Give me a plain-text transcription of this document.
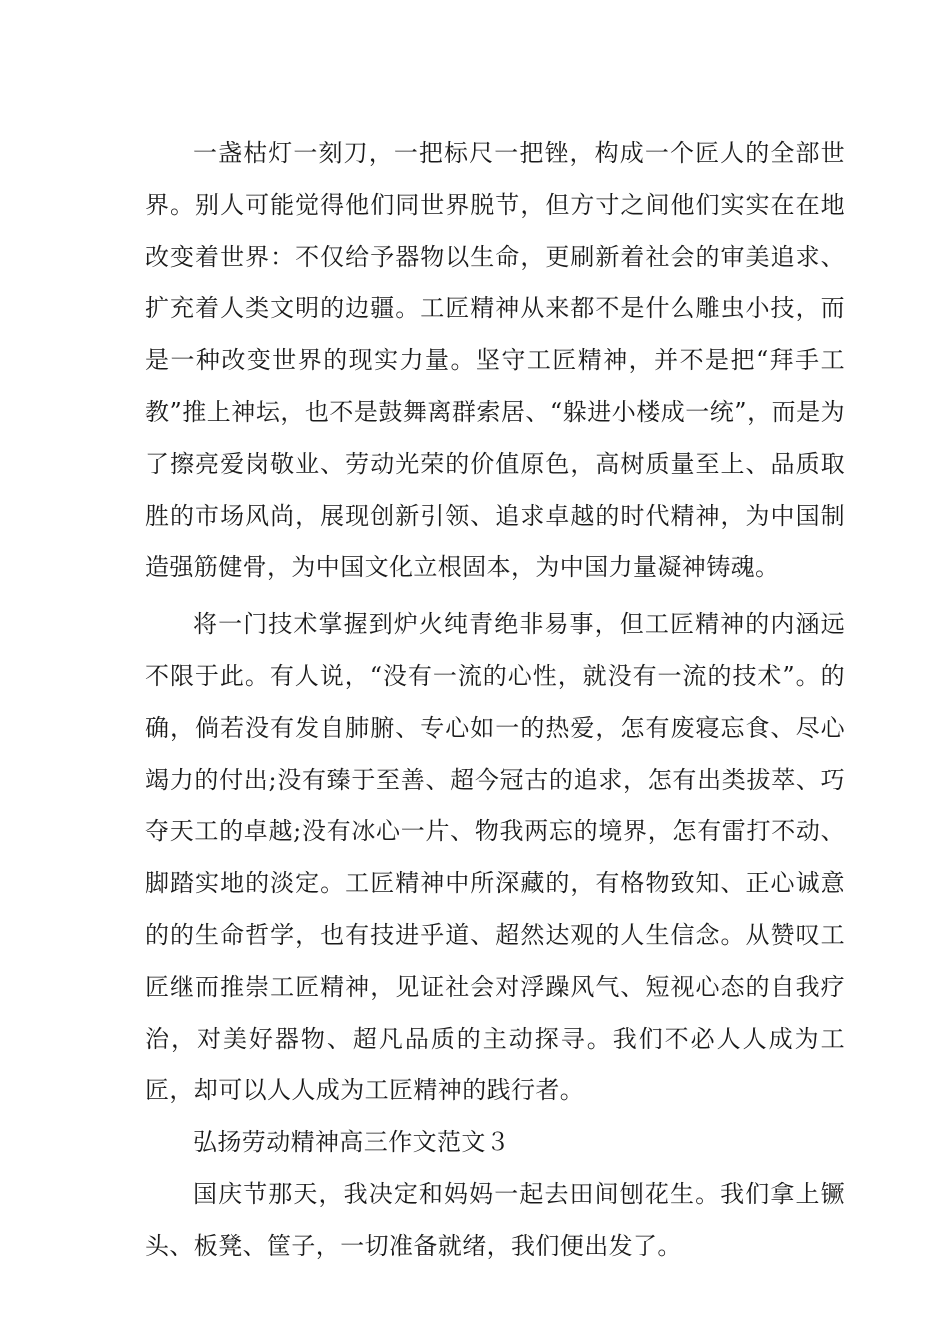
一盏枯灯一刻刀，一把标尺一把锉，构成一个匠人的全部世界。别人可能觉得他们同世界脱节，但方寸之间他们实实在在地改变着世界：不仅给予器物以生命，更刷新着社会的审美追求、扩充着人类文明的边疆。工匠精神从来都不是什么雕虫小技，而是一种改变世界的现实力量。坚守工匠精神，并不是把“拜手工教”推上神坛，也不是鼓舞离群索居、“躲进小楼成一统”，而是为了擦亮爱岗敬业、劳动光荣的价值原色，高树质量至上、品质取胜的市场风尚，展现创新引领、追求卓越的时代精神，为中国制造强筋健骨，为中国文化立根固本，为中国力量凝神铸魂。

将一门技术掌握到炉火纯青绝非易事，但工匠精神的内涵远不限于此。有人说，“没有一流的心性，就没有一流的技术”。的确，倘若没有发自肺腑、专心如一的热爱，怎有废寝忘食、尽心竭力的付出;没有臻于至善、超今冠古的追求，怎有出类拔萃、巧夺天工的卓越;没有冰心一片、物我两忘的境界，怎有雷打不动、脚踏实地的淡定。工匠精神中所深藏的，有格物致知、正心诚意的的生命哲学，也有技进乎道、超然达观的人生信念。从赞叹工匠继而推崇工匠精神，见证社会对浮躁风气、短视心态的自我疗治，对美好器物、超凡品质的主动探寻。我们不必人人成为工匠，却可以人人成为工匠精神的践行者。

弘扬劳动精神高三作文范文３

国庆节那天，我决定和妈妈一起去田间刨花生。我们拿上镢头、板凳、筐子，一切准备就绪，我们便出发了。
